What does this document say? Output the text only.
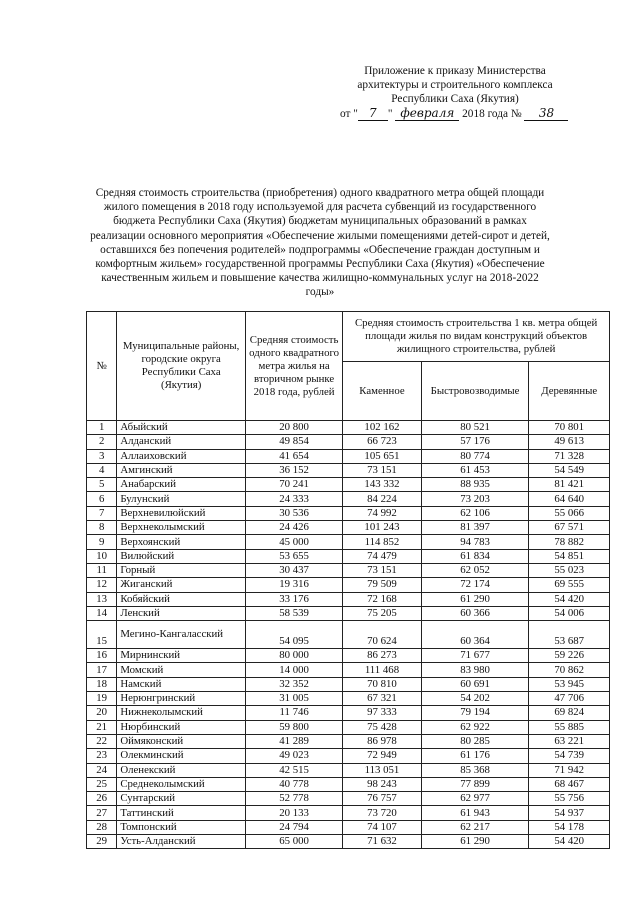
Приложение к приказу Министерства
архитектуры и строительного комплекса
Республики Саха (Якутия)
от " 7 " февраля 2018 года № 38
Средняя стоимость строительства (приобретения) одного квадратного метра общей площади жилого помещения в 2018 году используемой для расчета субвенций из государственного бюджета Республики Саха (Якутия) бюджетам муниципальных образований в рамках реализации основного мероприятия «Обеспечение жилыми помещениями детей-сирот и детей, оставшихся без попечения родителей» подпрограммы «Обеспечение граждан доступным и комфортным жильем» государственной программы Республики Саха (Якутия) «Обеспечение качественным жильем и повышение качества жилищно-коммунальных услуг на 2018-2022 годы»
№	Муниципальные районы, городские округа Республики Саха (Якутия)	Средняя стоимость одного квадратного метра жилья на вторичном рынке 2018 года, рублей	Средняя стоимость строительства 1 кв. метра общей площади жилья по видам конструкций объектов жилищного строительства, рублей		
			Каменное	Быстровозводимые	Деревянные
1	Абыйский	20 800	102 162	80 521	70 801
2	Алданский	49 854	66 723	57 176	49 613
3	Аллаиховский	41 654	105 651	80 774	71 328
4	Амгинский	36 152	73 151	61 453	54 549
5	Анабарский	70 241	143 332	88 935	81 421
6	Булунский	24 333	84 224	73 203	64 640
7	Верхневилюйский	30 536	74 992	62 106	55 066
8	Верхнеколымский	24 426	101 243	81 397	67 571
9	Верхоянский	45 000	114 852	94 783	78 882
10	Вилюйский	53 655	74 479	61 834	54 851
11	Горный	30 437	73 151	62 052	55 023
12	Жиганский	19 316	79 509	72 174	69 555
13	Кобяйский	33 176	72 168	61 290	54 420
14	Ленский	58 539	75 205	60 366	54 006
15	Мегино-Кангаласский	54 095	70 624	60 364	53 687
16	Мирнинский	80 000	86 273	71 677	59 226
17	Момский	14 000	111 468	83 980	70 862
18	Намский	32 352	70 810	60 691	53 945
19	Нерюнгринский	31 005	67 321	54 202	47 706
20	Нижнеколымский	11 746	97 333	79 194	69 824
21	Нюрбинский	59 800	75 428	62 922	55 885
22	Оймяконский	41 289	86 978	80 285	63 221
23	Олекминский	49 023	72 949	61 176	54 739
24	Оленекский	42 515	113 051	85 368	71 942
25	Среднеколымский	40 778	98 243	77 899	68 467
26	Сунтарский	52 778	76 757	62 977	55 756
27	Таттинский	20 133	73 720	61 943	54 937
28	Томпонский	24 794	74 107	62 217	54 178
29	Усть-Алданский	65 000	71 632	61 290	54 420
